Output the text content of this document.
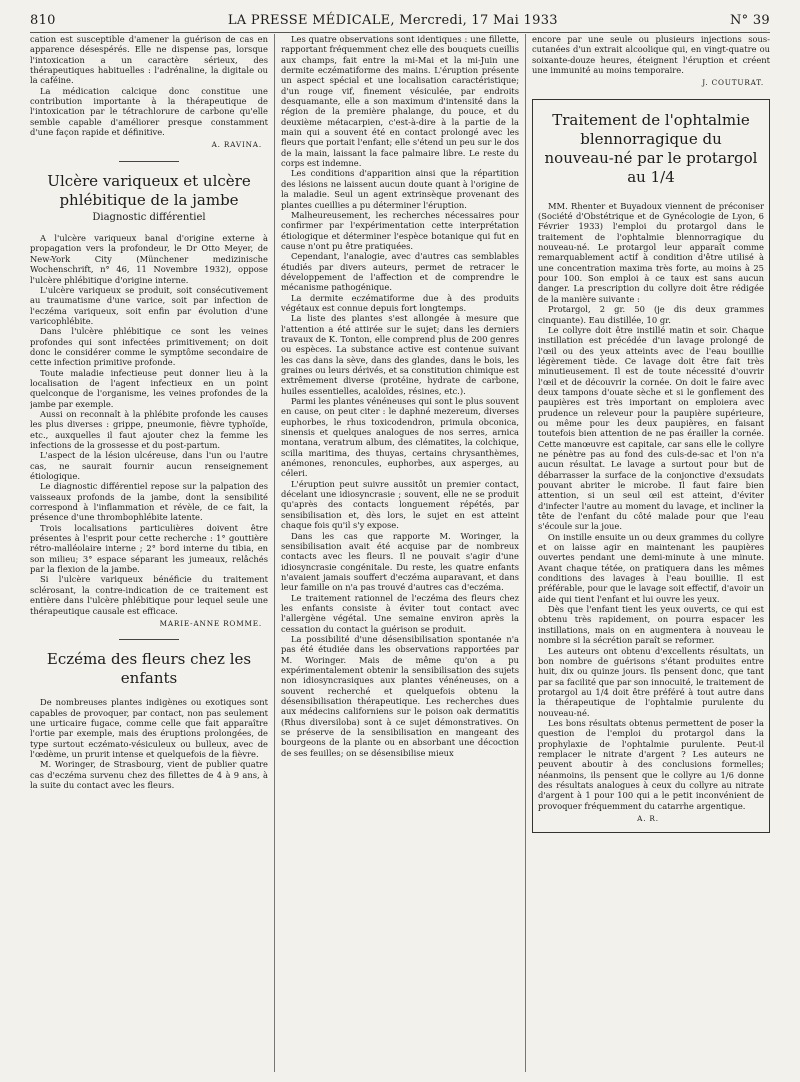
810	LA PRESSE MÉDICALE, Mercredi, 17 Mai 1933	N° 39

cation est susceptible d'amener la guérison de cas en apparence désespérés. Elle ne dispense pas, lorsque l'intoxication a un caractère sérieux, des thérapeutiques habituelles : l'adrénaline, la digitale ou la caféine.

La médication calcique donc constitue une contribution importante à la thérapeutique de l'intoxication par le tétrachlorure de carbone qu'elle semble capable d'améliorer presque constamment d'une façon rapide et définitive.

A. RAVINA.
Ulcère variqueux et ulcère phlébitique de la jambe
Diagnostic différentiel

A l'ulcère variqueux banal d'origine externe à propagation vers la profondeur, le Dr Otto Meyer, de New-York City (Münchener medizinische Wochenschrift, n° 46, 11 Novembre 1932), oppose l'ulcère phlébitique d'origine interne.

L'ulcère variqueux se produit, soit consécutivement au traumatisme d'une varice, soit par infection de l'eczéma variqueux, soit enfin par évolution d'une varicophlébite.

Dans l'ulcère phlébitique ce sont les veines profondes qui sont infectées primitivement; on doit donc le considérer comme le symptôme secondaire de cette infection primitive profonde.

Toute maladie infectieuse peut donner lieu à la localisation de l'agent infectieux en un point quelconque de l'organisme, les veines profondes de la jambe par exemple.

Aussi on reconnaît à la phlébite profonde les causes les plus diverses : grippe, pneumonie, fièvre typhoïde, etc., auxquelles il faut ajouter chez la femme les infections de la grossesse et du post-partum.

L'aspect de la lésion ulcéreuse, dans l'un ou l'autre cas, ne saurait fournir aucun renseignement étiologique.

Le diagnostic différentiel repose sur la palpation des vaisseaux profonds de la jambe, dont la sensibilité correspond à l'inflammation et révèle, de ce fait, la présence d'une thrombophlébite latente.

Trois localisations particulières doivent être présentes à l'esprit pour cette recherche : 1° gouttière rétro-malléolaire interne ; 2° bord interne du tibia, en son milieu; 3° espace séparant les jumeaux, relâchés par la flexion de la jambe.

Si l'ulcère variqueux bénéficie du traitement sclérosant, la contre-indication de ce traitement est entière dans l'ulcère phlébitique pour lequel seule une thérapeutique causale est efficace.

MARIE-ANNE ROMME.
Eczéma des fleurs chez les enfants

De nombreuses plantes indigènes ou exotiques sont capables de provoquer, par contact, non pas seulement une urticaire fugace, comme celle que fait apparaître l'ortie par exemple, mais des éruptions prolongées, de type surtout eczémato-vésiculeux ou bulleux, avec de l'œdème, un prurit intense et quelquefois de la fièvre.

M. Woringer, de Strasbourg, vient de publier quatre cas d'eczéma survenu chez des fillettes de 4 à 9 ans, à la suite du contact avec les fleurs.

Les quatre observations sont identiques : une fillette, rapportant fréquemment chez elle des bouquets cueillis aux champs, fait entre la mi-Mai et la mi-Juin une dermite eczématiforme des mains. L'éruption présente un aspect spécial et une localisation caractéristique; d'un rouge vif, finement vésiculée, par endroits desquamante, elle a son maximum d'intensité dans la région de la première phalange, du pouce, et du deuxième métacarpien, c'est-à-dire à la partie de la main qui a souvent été en contact prolongé avec les fleurs que portait l'enfant; elle s'étend un peu sur le dos de la main, laissant la face palmaire libre. Le reste du corps est indemne.

Les conditions d'apparition ainsi que la répartition des lésions ne laissent aucun doute quant à l'origine de la maladie. Seul un agent extrinsèque provenant des plantes cueillies a pu déterminer l'éruption.

Malheureusement, les recherches nécessaires pour confirmer par l'expérimentation cette interprétation étiologique et déterminer l'espèce botanique qui fut en cause n'ont pu être pratiquées.

Cependant, l'analogie, avec d'autres cas semblables étudiés par divers auteurs, permet de retracer le développement de l'affection et de comprendre le mécanisme pathogénique.

La dermite eczématiforme due à des produits végétaux est connue depuis fort longtemps.

La liste des plantes s'est allongée à mesure que l'attention a été attirée sur le sujet; dans les derniers travaux de K. Tonton, elle comprend plus de 200 genres ou espèces. La substance active est contenue suivant les cas dans la sève, dans des glandes, dans le bois, les graines ou leurs dérivés, et sa constitution chimique est extrêmement diverse (protéine, hydrate de carbone, huiles essentielles, acaloïdes, résines, etc.).

Parmi les plantes vénéneuses qui sont le plus souvent en cause, on peut citer : le daphné mezereum, diverses euphorbes, le rhus toxicodendron, primula obconica, sinensis et quelques analogues de nos serres, arnica montana, veratrum album, des clématites, la colchique, scilla maritima, des thuyas, certains chrysanthèmes, anémones, renoncules, euphorbes, aux asperges, au céleri.

L'éruption peut suivre aussitôt un premier contact, décelant une idiosyncrasie ; souvent, elle ne se produit qu'après des contacts longuement répétés, par sensibilisation et, dès lors, le sujet en est atteint chaque fois qu'il s'y expose.

Dans les cas que rapporte M. Woringer, la sensibilisation avait été acquise par de nombreux contacts avec les fleurs. Il ne pouvait s'agir d'une idiosyncrasie congénitale. Du reste, les quatre enfants n'avaient jamais souffert d'eczéma auparavant, et dans leur famille on n'a pas trouvé d'autres cas d'eczéma.

Le traitement rationnel de l'eczéma des fleurs chez les enfants consiste à éviter tout contact avec l'allergène végétal. Une semaine environ après la cessation du contact la guérison se produit.

La possibilité d'une désensibilisation spontanée n'a pas été étudiée dans les observations rapportées par M. Woringer. Mais de même qu'on a pu expérimentalement obtenir la sensibilisation des sujets non idiosyncrasiques aux plantes vénéneuses, on a souvent recherché et quelquefois obtenu la désensibilisation thérapeutique. Les recherches dues aux médecins californiens sur le poison oak dermatitis (Rhus diversiloba) sont à ce sujet démonstratives. On se préserve de la sensibilisation en mangeant des bourgeons de la plante ou en absorbant une décoction de ses feuilles; on se désensibilise mieux

encore par une seule ou plusieurs injections sous-cutanées d'un extrait alcoolique qui, en vingt-quatre ou soixante-douze heures, éteignent l'éruption et créent une immunité au moins temporaire.

J. COUTURAT.
Traitement de l'ophtalmie blennorragique du nouveau-né par le protargol au 1/4

MM. Rhenter et Buyadoux viennent de préconiser (Société d'Obstétrique et de Gynécologie de Lyon, 6 Février 1933) l'emploi du protargol dans le traitement de l'ophtalmie blennorragique du nouveau-né. Le protargol leur apparaît comme remarquablement actif à condition d'être utilisé à une concentration maxima très forte, au moins à 25 pour 100. Son emploi à ce taux est sans aucun danger. La prescription du collyre doit être rédigée de la manière suivante :

Protargol, 2 gr. 50 (je dis deux grammes cinquante). Eau distillée, 10 gr.

Le collyre doit être instillé matin et soir. Chaque instillation est précédée d'un lavage prolongé de l'œil ou des yeux atteints avec de l'eau bouillie légèrement tiède. Ce lavage doit être fait très minutieusement. Il est de toute nécessité d'ouvrir l'œil et de découvrir la cornée. On doit le faire avec deux tampons d'ouate sèche et si le gonflement des paupières est très important on emploiera avec prudence un releveur pour la paupière supérieure, ou même pour les deux paupières, en faisant toutefois bien attention de ne pas érailler la cornée. Cette manœuvre est capitale, car sans elle le collyre ne pénètre pas au fond des culs-de-sac et l'on n'a aucun résultat. Le lavage a surtout pour but de débarrasser la surface de la conjonctive d'exsudats pouvant abriter le microbe. Il faut faire bien attention, si un seul œil est atteint, d'éviter d'infecter l'autre au moment du lavage, et incliner la tête de l'enfant du côté malade pour que l'eau s'écoule sur la joue.

On instille ensuite un ou deux grammes du collyre et on laisse agir en maintenant les paupières ouvertes pendant une demi-minute à une minute. Avant chaque tétée, on pratiquera dans les mêmes conditions des lavages à l'eau bouillie. Il est préférable, pour que le lavage soit effectif, d'avoir un aide qui tient l'enfant et lui ouvre les yeux.

Dès que l'enfant tient les yeux ouverts, ce qui est obtenu très rapidement, on pourra espacer les instillations, mais on en augmentera à nouveau le nombre si la sécrétion paraît se reformer.

Les auteurs ont obtenu d'excellents résultats, un bon nombre de guérisons s'étant produites entre huit, dix ou quinze jours. Ils pensent donc, que tant par sa facilité que par son innocuité, le traitement de protargol au 1/4 doit être préféré à tout autre dans la thérapeutique de l'ophtalmie purulente du nouveau-né.

Les bons résultats obtenus permettent de poser la question de l'emploi du protargol dans la prophylaxie de l'ophtalmie purulente. Peut-il remplacer le nitrate d'argent ? Les auteurs ne peuvent aboutir à des conclusions formelles; néanmoins, ils pensent que le collyre au 1/6 donne des résultats analogues à ceux du collyre au nitrate d'argent à 1 pour 100 qui a le petit inconvénient de provoquer fréquemment du catarrhe argentique.

A. R.
